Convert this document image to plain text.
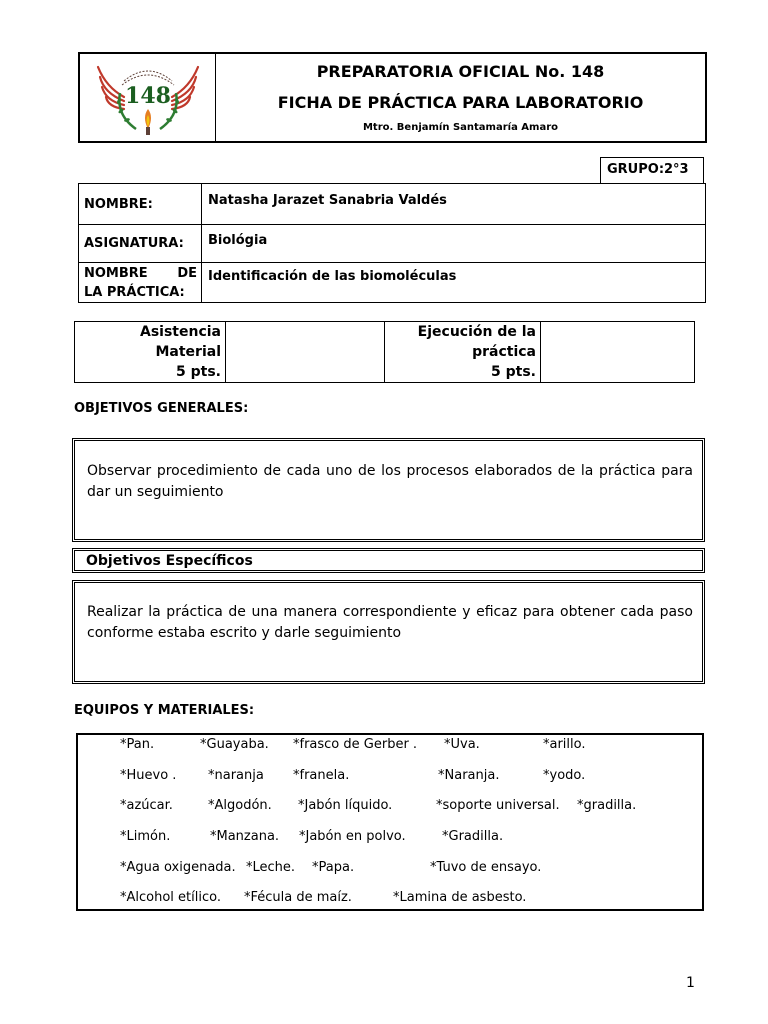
148
PREPARATORIA OFICIAL No. 148
FICHA DE PRÁCTICA PARA LABORATORIO
Mtro. Benjamín Santamaría Amaro
GRUPO:2°3
NOMBRE:	Natasha Jarazet Sanabria Valdés
ASIGNATURA:	Biológia

NOMBRE DE
LA PRÁCTICA:	Identificación de las biomoléculas
Asistencia
Material
5 pts.

Ejecución de la
práctica
5 pts.

OBJETIVOS GENERALES:
Observar procedimiento de cada uno de los procesos elaborados de la práctica para dar un seguimiento
Objetivos Específicos
Realizar la práctica de una manera correspondiente y eficaz para obtener cada paso conforme estaba escrito y darle seguimiento
EQUIPOS Y MATERIALES:
*Pan.	*Guayaba. *frasco de Gerber . *Uva.	*arillo.
*Huevo . *naranja *franela.	*Naranja.	*yodo.
*azúcar.	*Algodón. *Jabón líquido.	*soporte universal. *gradilla.
*Limón.	*Manzana. *Jabón en polvo.	*Gradilla.
*Agua oxigenada. *Leche. *Papa.	*Tuvo de ensayo.
*Alcohol etílico. *Fécula de maíz.	*Lamina de asbesto.
1
